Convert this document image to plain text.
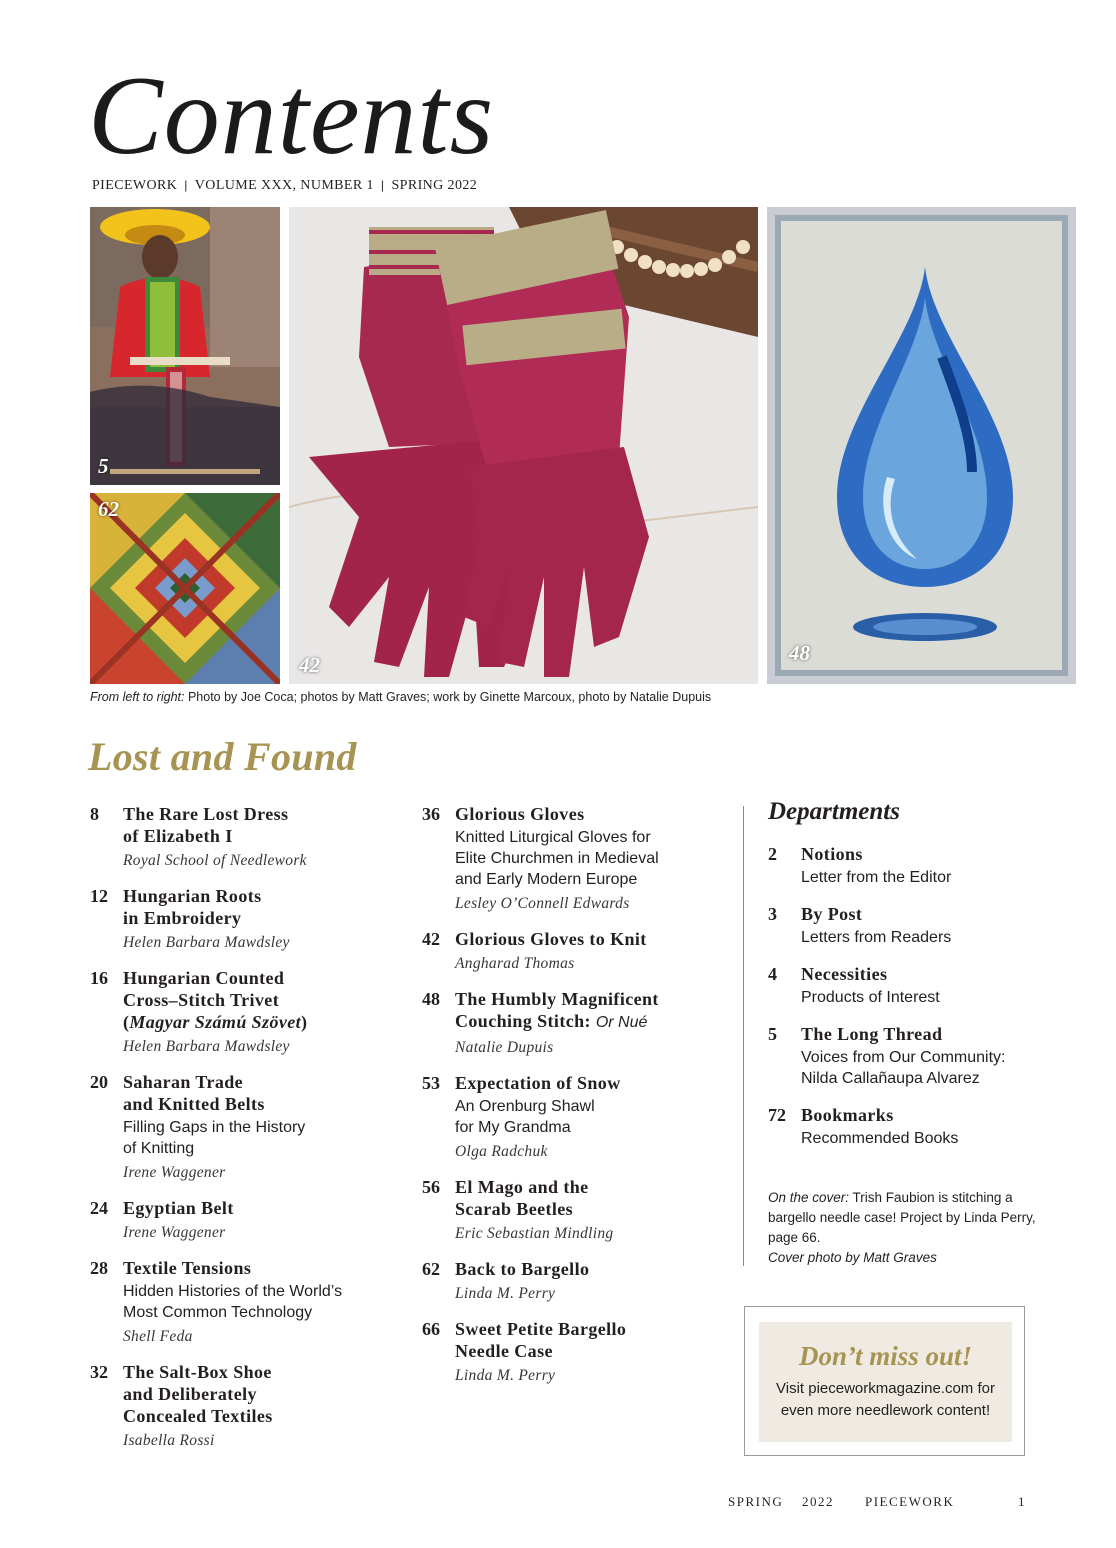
Contents
PIECEWORK | VOLUME XXX, NUMBER 1 | SPRING 2022
5
62
42	48
From left to right: Photo by Joe Coca; photos by Matt Graves; work by Ginette Marcoux, photo by Natalie Dupuis
Lost and Found
8	The Rare Lost Dress
of Elizabeth I
Royal School of Needlework
12 Hungarian Roots
in Embroidery
Helen Barbara Mawdsley
16 Hungarian Counted
Cross–Stitch Trivet
(Magyar Számú Szövet)
Helen Barbara Mawdsley
20 Saharan Trade
and Knitted Belts
Filling Gaps in the History
of Knitting
Irene Waggener
24 Egyptian Belt
Irene Waggener
28 Textile Tensions
Hidden Histories of the World’s
Most Common Technology
Shell Feda
32 The Salt-Box Shoe
and Deliberately
Concealed Textiles
Isabella Rossi
36 Glorious Gloves
Knitted Liturgical Gloves for
Elite Churchmen in Medieval
and Early Modern Europe
Lesley O’Connell Edwards
42 Glorious Gloves to Knit
Angharad Thomas
48 The Humbly Magnificent
Couching Stitch: Or Nué
Natalie Dupuis
53 Expectation of Snow
An Orenburg Shawl
for My Grandma
Olga Radchuk
56 El Mago and the
Scarab Beetles
Eric Sebastian Mindling
62 Back to Bargello
Linda M. Perry
66 Sweet Petite Bargello
Needle Case
Linda M. Perry
Departments
2	Notions
Letter from the Editor
3	By Post
Letters from Readers
4	Necessities
Products of Interest
5	The Long Thread
Voices from Our Community:
Nilda Callañaupa Alvarez
72 Bookmarks
Recommended Books
On the cover: Trish Faubion is stitching a
bargello needle case! Project by Linda Perry,
page 66.
Cover photo by Matt Graves
Don’t miss out!
Visit pieceworkmagazine.com for
even more needlework content!
SPRING 2022 PIECEWORK	1
